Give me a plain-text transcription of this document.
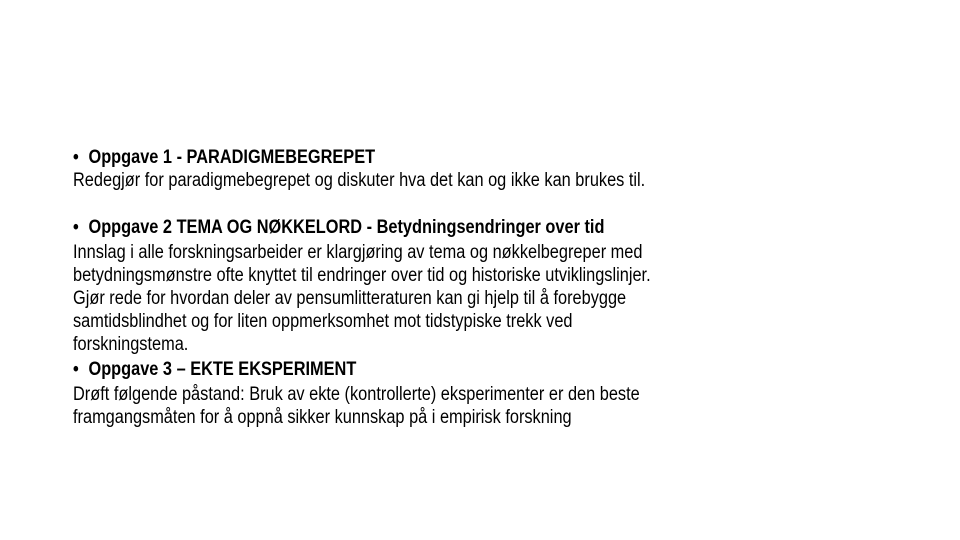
• Oppgave 1 - PARADIGMEBEGREPET
Redegjør for paradigmebegrepet og diskuter hva det kan og ikke kan brukes til.
• Oppgave 2 TEMA OG NØKKELORD - Betydningsendringer over tid
Innslag i alle forskningsarbeider er klargjøring av tema og nøkkelbegreper med
betydningsmønstre ofte knyttet til endringer over tid og historiske utviklingslinjer.
Gjør rede for hvordan deler av pensumlitteraturen kan gi hjelp til å forebygge
samtidsblindhet og for liten oppmerksomhet mot tidstypiske trekk ved
forskningstema.
• Oppgave 3 – EKTE EKSPERIMENT
Drøft følgende påstand: Bruk av ekte (kontrollerte) eksperimenter er den beste
framgangsmåten for å oppnå sikker kunnskap på i empirisk forskning
